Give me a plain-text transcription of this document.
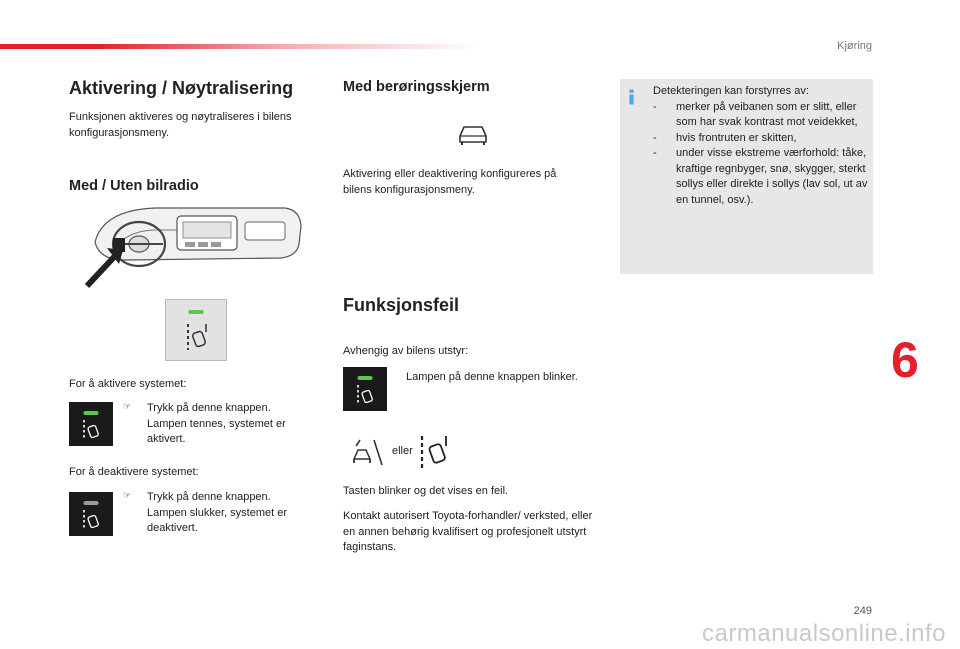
Kjøring
Aktivering / Nøytralisering

Funksjonen aktiveres og nøytraliseres i bilens konfigurasjonsmeny.

Med / Uten bilradio

For å aktivere systemet:

☞	Trykk på denne knappen. Lampen tennes, systemet er aktivert.

For å deaktivere systemet:

☞	Trykk på denne knappen. Lampen slukker, systemet er deaktivert.
Med berøringsskjerm

Aktivering eller deaktivering konfigureres på bilens konfigurasjonsmeny.

Funksjonsfeil

Avhengig av bilens utstyr:

Lampen på denne knappen blinker.

eller

Tasten blinker og det vises en feil.

Kontakt autorisert Toyota-forhandler/ verksted, eller en annen behørig kvalifisert og profesjonelt utstyrt faginstans.

Detekteringen kan forstyrres av:
-	merker på veibanen som er slitt, eller som har svak kontrast mot veidekket,
-	hvis frontruten er skitten,
-	under visse ekstreme værforhold: tåke, kraftige regnbyger, snø, skygger, sterkt sollys eller direkte i sollys (lav sol, ut av en tunnel, osv.).
6
249
carmanualsonline.info
